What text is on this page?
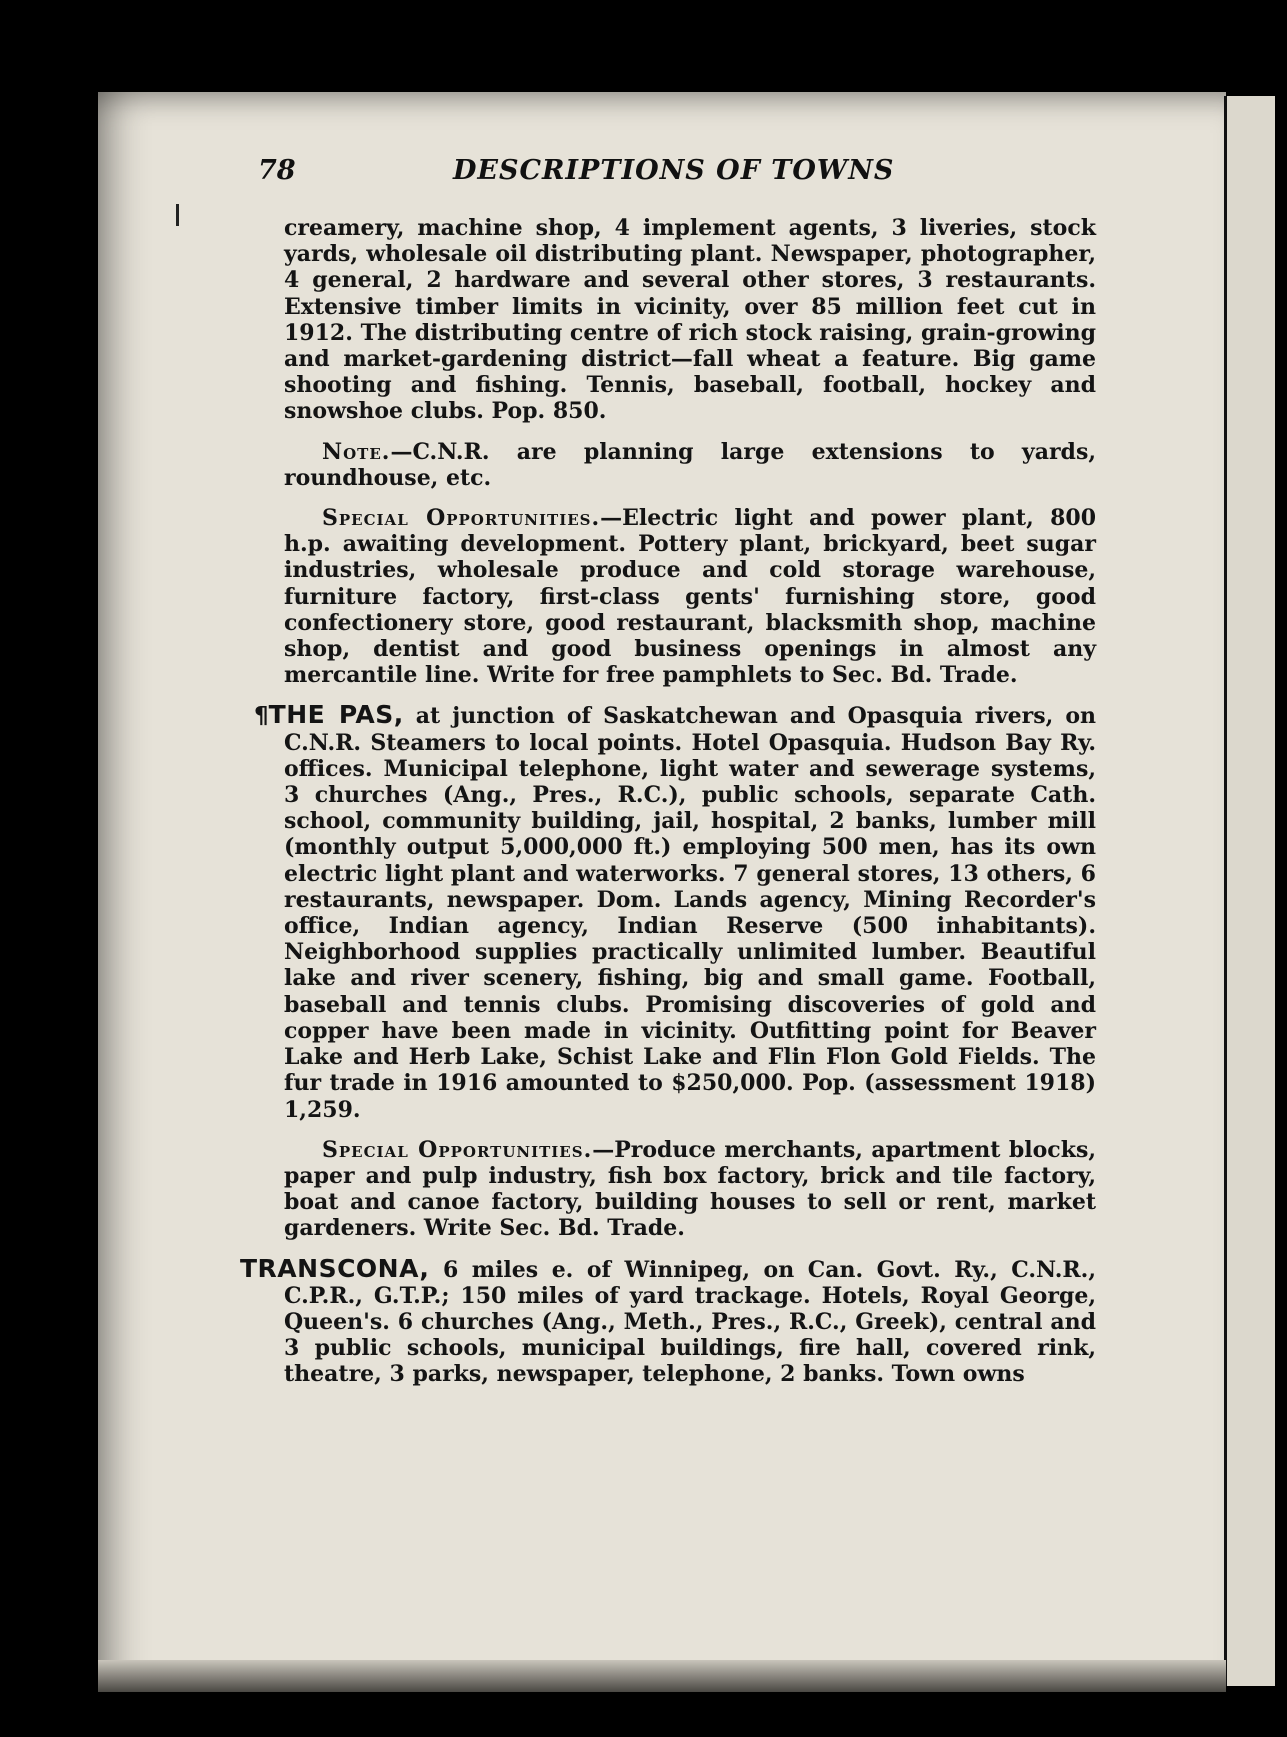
78	DESCRIPTIONS OF TOWNS

creamery, machine shop, 4 implement agents, 3 liveries, stock yards, wholesale oil distributing plant. Newspaper, photographer, 4 general, 2 hardware and several other stores, 3 restaurants. Extensive timber limits in vicinity, over 85 million feet cut in 1912. The distributing centre of rich stock raising, grain-growing and market-gardening district—fall wheat a feature. Big game shooting and fishing. Tennis, baseball, football, hockey and snowshoe clubs. Pop. 850.

Note.—C.N.R. are planning large extensions to yards, roundhouse, etc.

Special Opportunities.—Electric light and power plant, 800 h.p. awaiting development. Pottery plant, brickyard, beet sugar industries, wholesale produce and cold storage warehouse, furniture factory, first-class gents' furnishing store, good confectionery store, good restaurant, blacksmith shop, machine shop, dentist and good business openings in almost any mercantile line. Write for free pamphlets to Sec. Bd. Trade.

¶THE PAS, at junction of Saskatchewan and Opasquia rivers, on C.N.R. Steamers to local points. Hotel Opasquia. Hudson Bay Ry. offices. Municipal telephone, light water and sewerage systems, 3 churches (Ang., Pres., R.C.), public schools, separate Cath. school, community building, jail, hospital, 2 banks, lumber mill (monthly output 5,000,000 ft.) employing 500 men, has its own electric light plant and waterworks. 7 general stores, 13 others, 6 restaurants, newspaper. Dom. Lands agency, Mining Recorder's office, Indian agency, Indian Reserve (500 inhabitants). Neighborhood supplies practically unlimited lumber. Beautiful lake and river scenery, fishing, big and small game. Football, baseball and tennis clubs. Promising discoveries of gold and copper have been made in vicinity. Outfitting point for Beaver Lake and Herb Lake, Schist Lake and Flin Flon Gold Fields. The fur trade in 1916 amounted to $250,000. Pop. (assessment 1918) 1,259.

Special Opportunities.—Produce merchants, apartment blocks, paper and pulp industry, fish box factory, brick and tile factory, boat and canoe factory, building houses to sell or rent, market gardeners. Write Sec. Bd. Trade.

TRANSCONA, 6 miles e. of Winnipeg, on Can. Govt. Ry., C.N.R., C.P.R., G.T.P.; 150 miles of yard trackage. Hotels, Royal George, Queen's. 6 churches (Ang., Meth., Pres., R.C., Greek), central and 3 public schools, municipal buildings, fire hall, covered rink, theatre, 3 parks, newspaper, telephone, 2 banks. Town owns
